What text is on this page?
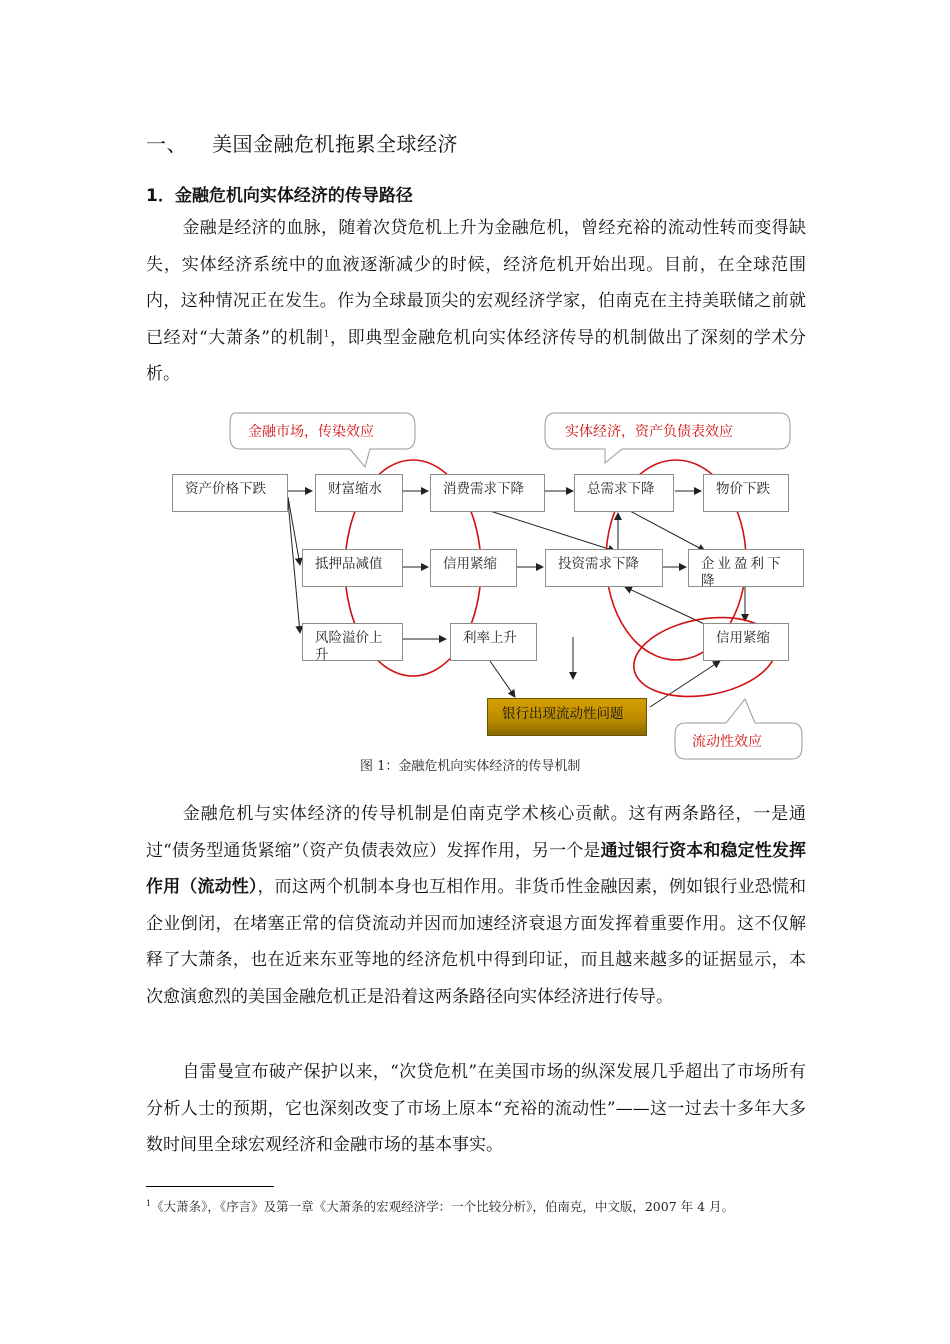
一、 美国金融危机拖累全球经济
1．金融危机向实体经济的传导路径

金融是经济的血脉，随着次贷危机上升为金融危机，曾经充裕的流动性转而变得缺失，实体经济系统中的血液逐渐减少的时候，经济危机开始出现。目前，在全球范围内，这种情况正在发生。作为全球最顶尖的宏观经济学家，伯南克在主持美联储之前就已经对“大萧条”的机制$^1$，即典型金融危机向实体经济传导的机制做出了深刻的学术分析。

金融市场，传染效应	实体经济，资产负债表效应
流动性效应
资产价格下跌	财富缩水	消费需求下降	总需求下降	物价下跌
抵押品减值	信用紧缩	投资需求下降	企业盈利下降
风险溢价上升
利率上升	信用紧缩
银行出现流动性问题
图 1：金融危机向实体经济的传导机制

金融危机与实体经济的传导机制是伯南克学术核心贡献。这有两条路径，一是通过“债务型通货紧缩”（资产负债表效应）发挥作用，另一个是通过银行资本和稳定性发挥作用（流动性），而这两个机制本身也互相作用。非货币性金融因素，例如银行业恐慌和企业倒闭，在堵塞正常的信贷流动并因而加速经济衰退方面发挥着重要作用。这不仅解释了大萧条，也在近来东亚等地的经济危机中得到印证，而且越来越多的证据显示，本次愈演愈烈的美国金融危机正是沿着这两条路径向实体经济进行传导。

自雷曼宣布破产保护以来，“次贷危机”在美国市场的纵深发展几乎超出了市场所有分析人士的预期，它也深刻改变了市场上原本“充裕的流动性”——这一过去十多年大多数时间里全球宏观经济和金融市场的基本事实。

$^1$《大萧条》，《序言》及第一章《大萧条的宏观经济学：一个比较分析》，伯南克，中文版，2007 年 4 月。
